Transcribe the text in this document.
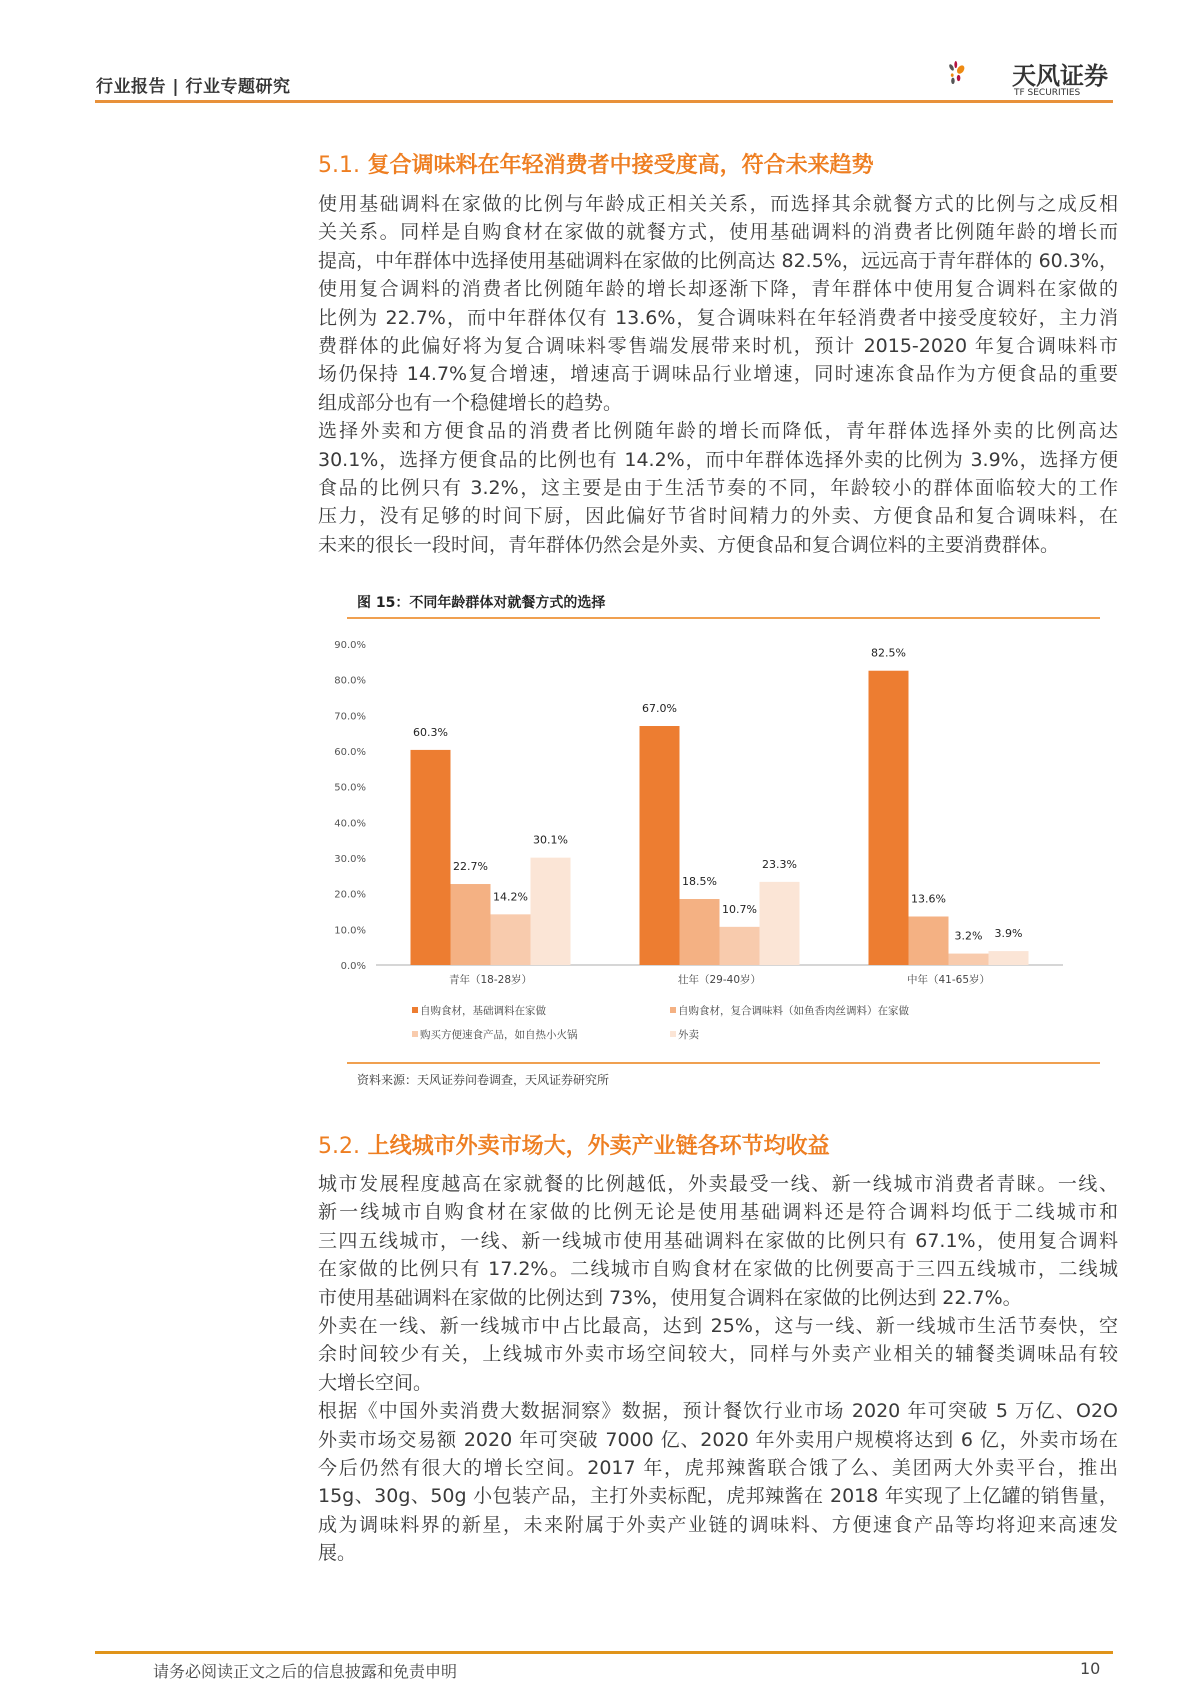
行业报告 | 行业专题研究	天风证券
TF SECURITIES
5.1. 复合调味料在年轻消费者中接受度高，符合未来趋势
使用基础调料在家做的比例与年龄成正相关关系，而选择其余就餐方式的比例与之成反相
关关系。同样是自购食材在家做的就餐方式，使用基础调料的消费者比例随年龄的增长而
提高，中年群体中选择使用基础调料在家做的比例高达 82.5%，远远高于青年群体的 60.3%，
使用复合调料的消费者比例随年龄的增长却逐渐下降，青年群体中使用复合调料在家做的
比例为 22.7%，而中年群体仅有 13.6%，复合调味料在年轻消费者中接受度较好，主力消
费群体的此偏好将为复合调味料零售端发展带来时机，预计 2015-2020 年复合调味料市
场仍保持 14.7%复合增速，增速高于调味品行业增速，同时速冻食品作为方便食品的重要
组成部分也有一个稳健增长的趋势。
选择外卖和方便食品的消费者比例随年龄的增长而降低，青年群体选择外卖的比例高达
30.1%，选择方便食品的比例也有 14.2%，而中年群体选择外卖的比例为 3.9%，选择方便
食品的比例只有 3.2%，这主要是由于生活节奏的不同，年龄较小的群体面临较大的工作
压力，没有足够的时间下厨，因此偏好节省时间精力的外卖、方便食品和复合调味料，在
未来的很长一段时间，青年群体仍然会是外卖、方便食品和复合调位料的主要消费群体。
图 15：不同年龄群体对就餐方式的选择
0.0%
10.0%
20.0%
30.0%
40.0%
50.0%
60.0%
70.0%
80.0%
90.0%
60.3%
22.7%
14.2%
30.1%
青年（18-28岁）
67.0%
18.5%
10.7%
23.3%
壮年（29-40岁）
82.5%
13.6%
3.2% 3.9%
中年（41-65岁）
自购食材，基础调料在家做	自购食材，复合调味料（如鱼香肉丝调料）在家做
购买方便速食产品，如自热小火锅	外卖
资料来源：天风证券问卷调查，天风证券研究所
5.2. 上线城市外卖市场大，外卖产业链各环节均收益
城市发展程度越高在家就餐的比例越低，外卖最受一线、新一线城市消费者青睐。一线、
新一线城市自购食材在家做的比例无论是使用基础调料还是符合调料均低于二线城市和
三四五线城市，一线、新一线城市使用基础调料在家做的比例只有 67.1%，使用复合调料
在家做的比例只有 17.2%。二线城市自购食材在家做的比例要高于三四五线城市，二线城
市使用基础调料在家做的比例达到 73%，使用复合调料在家做的比例达到 22.7%。
外卖在一线、新一线城市中占比最高，达到 25%，这与一线、新一线城市生活节奏快，空
余时间较少有关，上线城市外卖市场空间较大，同样与外卖产业相关的辅餐类调味品有较
大增长空间。
根据《中国外卖消费大数据洞察》数据，预计餐饮行业市场 2020 年可突破 5 万亿、O2O
外卖市场交易额 2020 年可突破 7000 亿、2020 年外卖用户规模将达到 6 亿，外卖市场在
今后仍然有很大的增长空间。2017 年，虎邦辣酱联合饿了么、美团两大外卖平台，推出
15g、30g、50g 小包装产品，主打外卖标配，虎邦辣酱在 2018 年实现了上亿罐的销售量，
成为调味料界的新星，未来附属于外卖产业链的调味料、方便速食产品等均将迎来高速发
展。
请务必阅读正文之后的信息披露和免责申明	10
